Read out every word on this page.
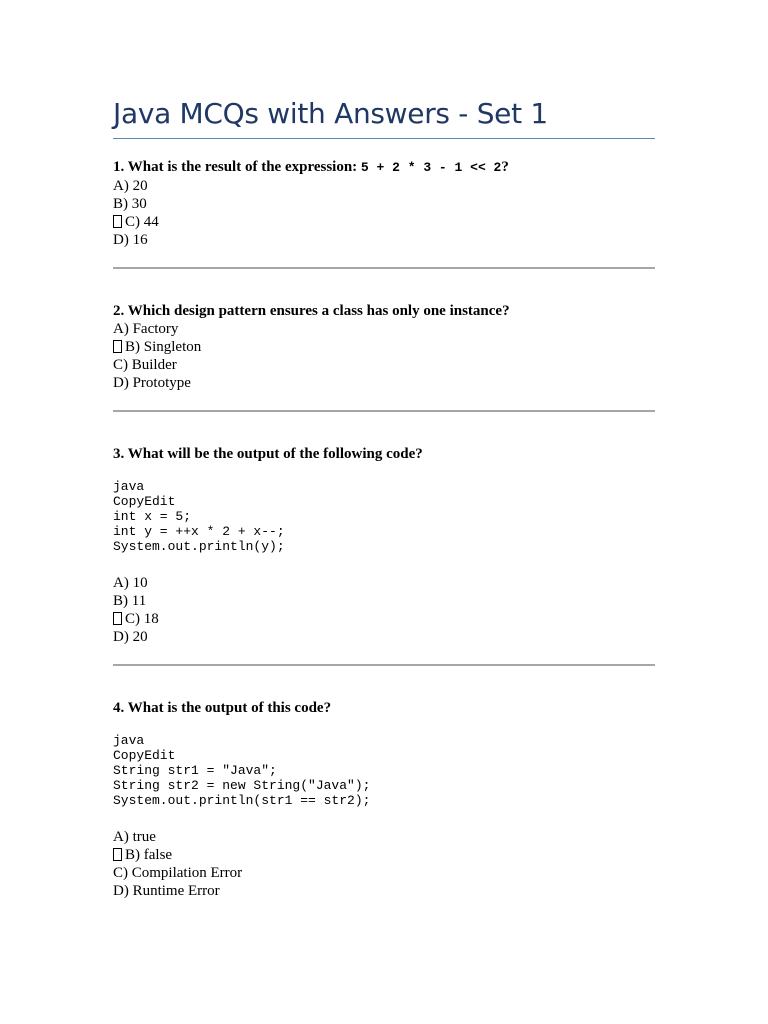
Java MCQs with Answers - Set 1

1. What is the result of the expression: 5 + 2 * 3 - 1 << 2?

A) 20

B) 30

C) 44

D) 16

2. Which design pattern ensures a class has only one instance?

A) Factory

B) Singleton

C) Builder

D) Prototype

3. What will be the output of the following code?

java
CopyEdit
int x = 5;
int y = ++x * 2 + x--;
System.out.println(y);

A) 10

B) 11

C) 18

D) 20

4. What is the output of this code?

java
CopyEdit
String str1 = "Java";
String str2 = new String("Java");
System.out.println(str1 == str2);

A) true

B) false

C) Compilation Error

D) Runtime Error
